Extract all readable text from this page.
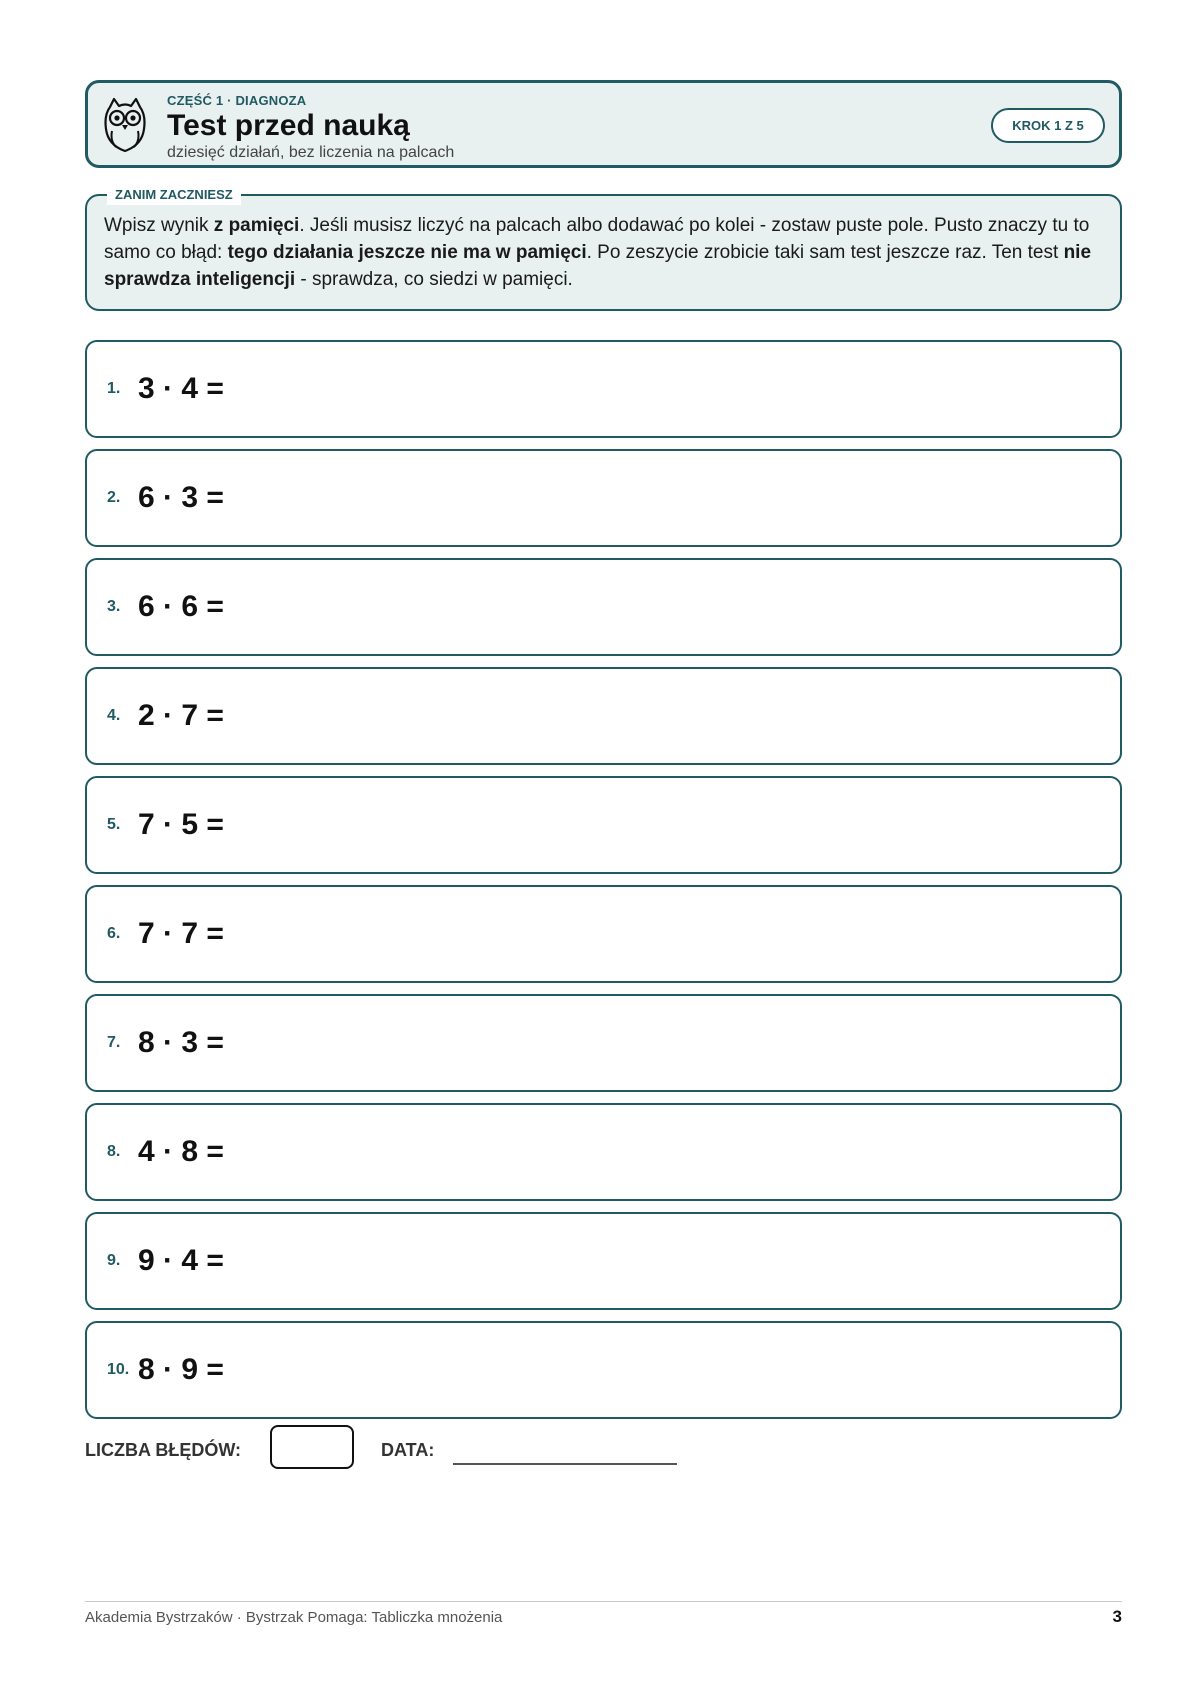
CZĘŚĆ 1 · DIAGNOZA
Test przed nauką
dziesięć działań, bez liczenia na palcach
KROK 1 Z 5
ZANIM ZACZNIESZ
Wpisz wynik z pamięci. Jeśli musisz liczyć na palcach albo dodawać po kolei - zostaw puste pole. Pusto znaczy tu to samo co błąd: tego działania jeszcze nie ma w pamięci. Po zeszycie zrobicie taki sam test jeszcze raz. Ten test nie sprawdza inteligencji - sprawdza, co siedzi w pamięci.
1. 3 · 4 =
2. 6 · 3 =
3. 6 · 6 =
4. 2 · 7 =
5. 7 · 5 =
6. 7 · 7 =
7. 8 · 3 =
8. 4 · 8 =
9. 9 · 4 =
10. 8 · 9 =
LICZBA BŁĘDÓW:	DATA:
Akademia Bystrzaków · Bystrzak Pomaga: Tabliczka mnożenia	3
